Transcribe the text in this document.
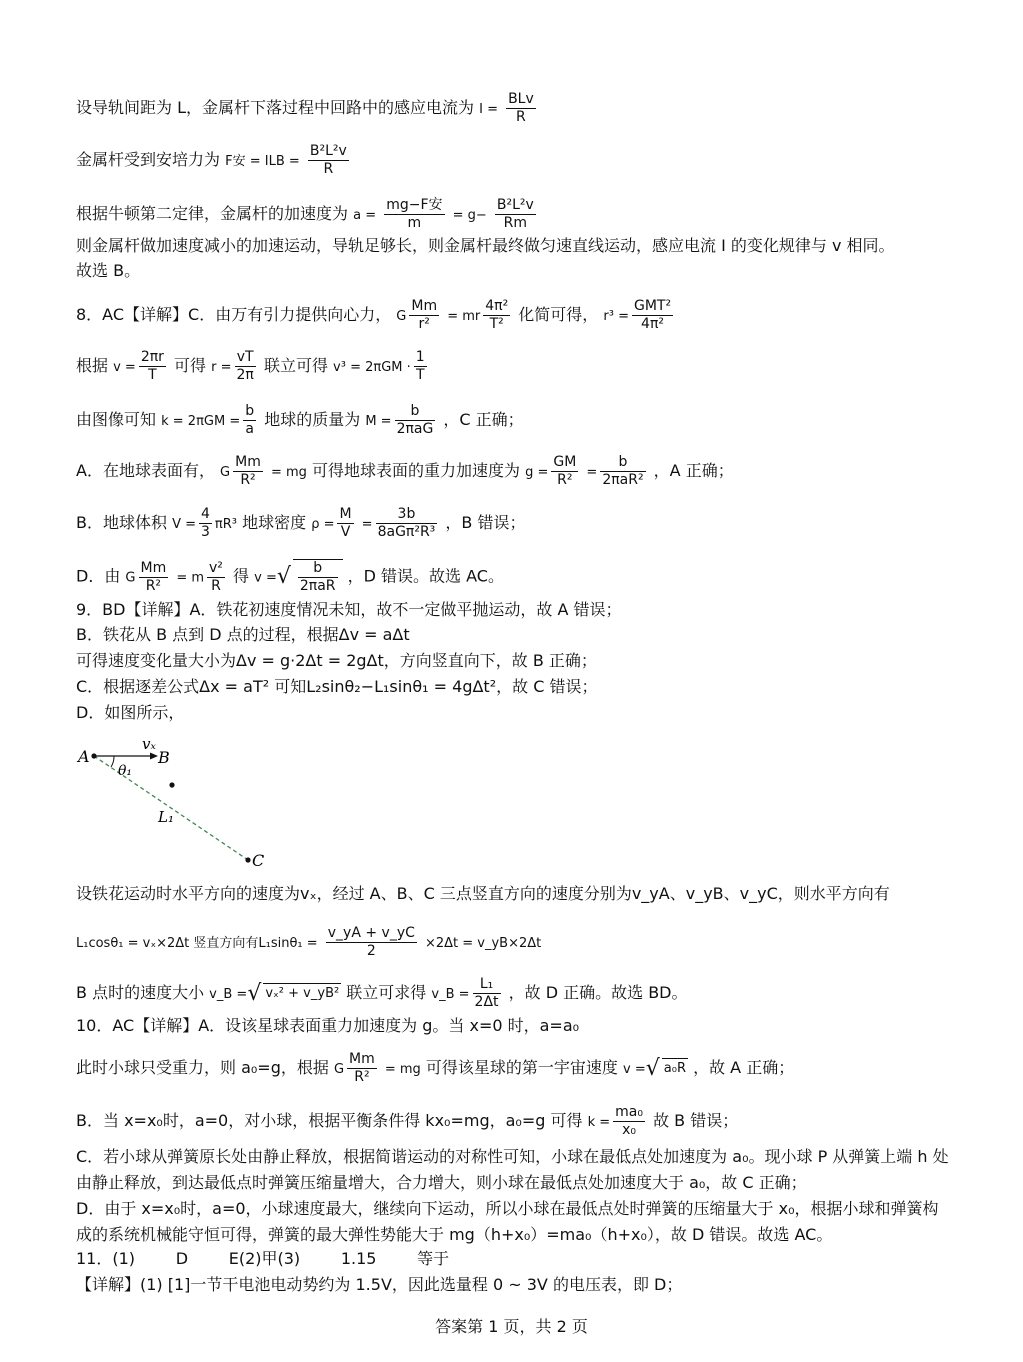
设导轨间距为 L，金属杆下落过程中回路中的感应电流为 $I = \frac{\text{BLv}}{R}$
金属杆受到安培力为 F安 = ILB = $\frac{\text{B²L²v}}{R}$
根据牛顿第二定律，金属杆的加速度为 $a = \frac{\text{mg−F安}}{m} = g- \frac{\text{B²L²v}}{Rm}$
则金属杆做加速度减小的加速运动，导轨足够长，则金属杆最终做匀速直线运动，感应电流 I 的变化规律与 v 相同。
故选 B。
8．AC【详解】C．由万有引力提供向心力， G $\frac{Mm}{\text{r²}}$ = mr $\frac{\text{4π²}}{\text{T²}}$ 化简可得， $r^3 = \frac{\text{GMT²}}{\text{4π²}}$
根据 $v = \frac{2\pi r}{T}$ 可得 $r = \frac{vT}{2\pi}$ 联立可得 $v^3 = 2\pi GM \cdot \frac{1}{T}$
由图像可知 $k = 2\pi GM = \frac{b}{a}$ 地球的质量为 $M = \frac{b}{\text{2πaG}}$ ，C 正确；
A．在地球表面有， G $\frac{Mm}{\text{R²}}$ = mg 可得地球表面的重力加速度为 $g = \frac{GM}{\text{R²}} = \frac{b}{\text{2πaR²}}$ ，A 正确；
B．地球体积 $V = \frac{4}{3} \pi R^3$ 地球密度 $\rho = \frac{M}{V} = \frac{3b}{\text{8aGπ²R³}}$ ，B 错误；
D．由 G $\frac{Mm}{\text{R²}} = m \frac{\text{v²}}{R}$ 得 v =√ $\frac{b}{\text{2πaR}}$ ，D 错误。故选 AC。
9．BD【详解】A．铁花初速度情况未知，故不一定做平抛运动，故 A 错误；
B．铁花从 B 点到 D 点的过程，根据Δv = aΔt
可得速度变化量大小为Δv = g·2Δt = 2gΔt，方向竖直向下，故 B 正确；
C．根据逐差公式Δx = aT² 可知L₂sinθ₂−L₁sinθ₁ = 4gΔt²，故 C 错误；
D．如图所示，
A	B
C
vₓ
θ₁
L₁
设铁花运动时水平方向的速度为vₓ，经过 A、B、C 三点竖直方向的速度分别为v_yA、v_yB、v_yC，则水平方向有
L₁cosθ₁ = vₓ×2Δt 竖直方向有$L_1\sin\theta_1 = \frac{v\_yA + v\_yC}{2} \times 2\Delta t$ = v_yB×2Δt
B 点时的速度大小 v_B =√ vₓ² + v_yB² 联立可求得 v_B = $\frac{\text{L₁}}{2\Delta t}$ ，故 D 正确。故选 BD。
10．AC【详解】A．设该星球表面重力加速度为 g。当 x=0 时，a=a₀
此时小球只受重力，则 a₀=g，根据 G $\frac{Mm}{\text{R²}}$ = mg 可得该星球的第一宇宙速度 v =√ a₀R ，故 A 正确；
B．当 x=x₀时，a=0，对小球，根据平衡条件得 kx₀=mg，a₀=g 可得 $k = \frac{\text{ma₀}}{\text{x₀}}$ 故 B 错误；
C．若小球从弹簧原长处由静止释放，根据简谐运动的对称性可知，小球在最低点处加速度为 a₀。现小球 P 从弹簧上端 h 处由静止释放，到达最低点时弹簧压缩量增大，合力增大，则小球在最低点处加速度大于 a₀，故 C 正确；
D．由于 x=x₀时，a=0，小球速度最大，继续向下运动，所以小球在最低点处时弹簧的压缩量大于 x₀，根据小球和弹簧构成的系统机械能守恒可得，弹簧的最大弹性势能大于 mg（h+x₀）=ma₀（h+x₀），故 D 错误。故选 AC。
11．(1)        D        E(2)甲(3)        1.15        等于
【详解】(1) [1]一节干电池电动势约为 1.5V，因此选量程 0 ~ 3V 的电压表，即 D；
答案第 1 页，共 2 页
